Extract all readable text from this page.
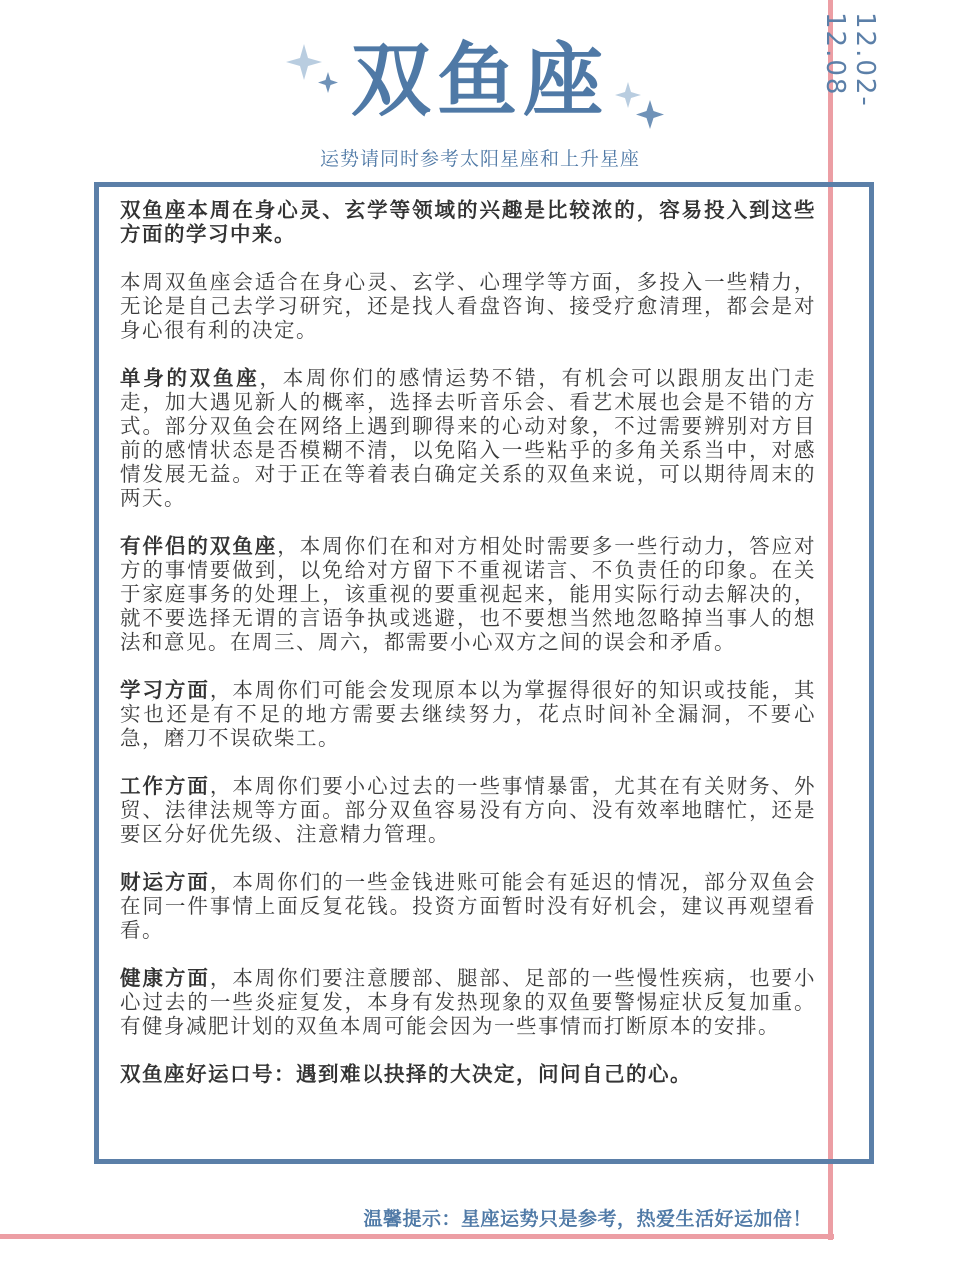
12.02-12.08
双鱼座
运势请同时参考太阳星座和上升星座

双鱼座本周在身心灵、玄学等领域的兴趣是比较浓的，容易投入到这些方面的学习中来。

本周双鱼座会适合在身心灵、玄学、心理学等方面，多投入一些精力，无论是自己去学习研究，还是找人看盘咨询、接受疗愈清理，都会是对身心很有利的决定。

单身的双鱼座，本周你们的感情运势不错，有机会可以跟朋友出门走走，加大遇见新人的概率，选择去听音乐会、看艺术展也会是不错的方式。部分双鱼会在网络上遇到聊得来的心动对象，不过需要辨别对方目前的感情状态是否模糊不清，以免陷入一些粘乎的多角关系当中，对感情发展无益。对于正在等着表白确定关系的双鱼来说，可以期待周末的两天。

有伴侣的双鱼座，本周你们在和对方相处时需要多一些行动力，答应对方的事情要做到，以免给对方留下不重视诺言、不负责任的印象。在关于家庭事务的处理上，该重视的要重视起来，能用实际行动去解决的，就不要选择无谓的言语争执或逃避，也不要想当然地忽略掉当事人的想法和意见。在周三、周六，都需要小心双方之间的误会和矛盾。

学习方面，本周你们可能会发现原本以为掌握得很好的知识或技能，其实也还是有不足的地方需要去继续努力，花点时间补全漏洞，不要心急，磨刀不误砍柴工。

工作方面，本周你们要小心过去的一些事情暴雷，尤其在有关财务、外贸、法律法规等方面。部分双鱼容易没有方向、没有效率地瞎忙，还是要区分好优先级、注意精力管理。

财运方面，本周你们的一些金钱进账可能会有延迟的情况，部分双鱼会在同一件事情上面反复花钱。投资方面暂时没有好机会，建议再观望看看。

健康方面，本周你们要注意腰部、腿部、足部的一些慢性疾病，也要小心过去的一些炎症复发，本身有发热现象的双鱼要警惕症状反复加重。有健身减肥计划的双鱼本周可能会因为一些事情而打断原本的安排。

双鱼座好运口号：遇到难以抉择的大决定，问问自己的心。

温馨提示：星座运势只是参考，热爱生活好运加倍！
